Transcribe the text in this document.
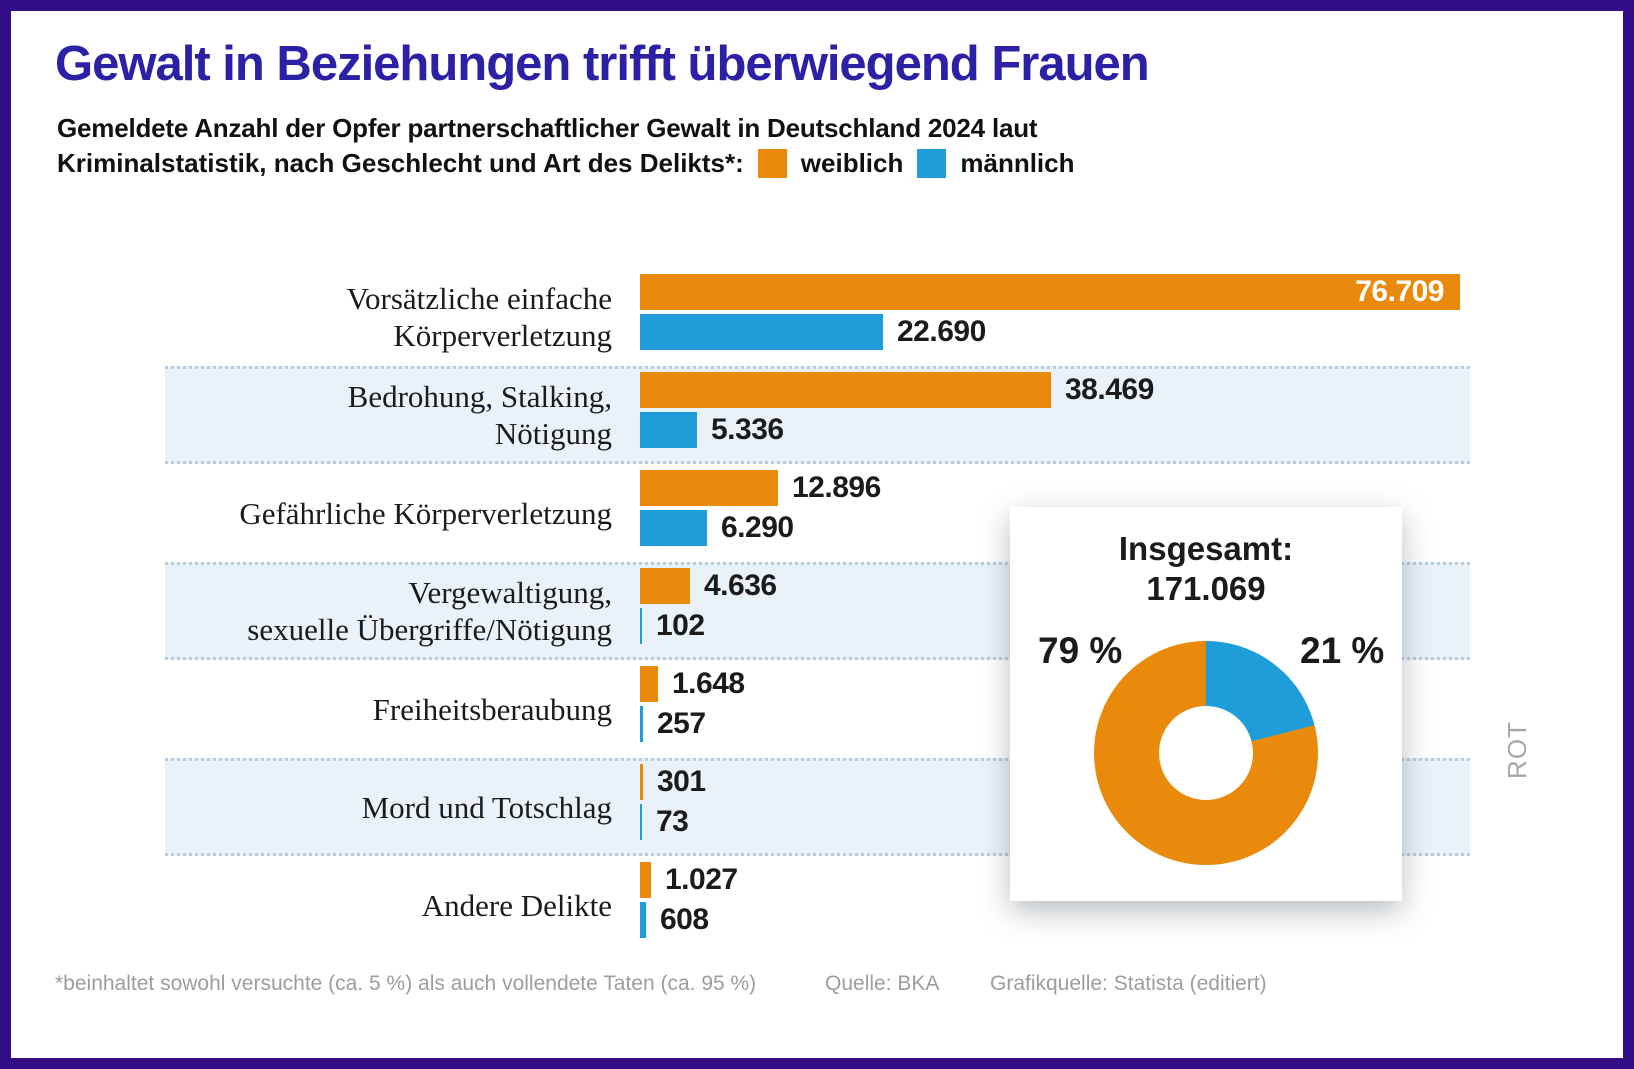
Gewalt in Beziehungen trifft überwiegend Frauen
Gemeldete Anzahl der Opfer partnerschaftlicher Gewalt in Deutschland 2024 laut
Kriminalstatistik, nach Geschlecht und Art des Delikts*: weiblich männlich
Vorsätzliche einfache
Körperverletzung
76.709
22.690
Bedrohung, Stalking,
Nötigung
38.469
5.336
Gefährliche Körperverletzung
12.896
6.290
Vergewaltigung,
sexuelle Übergriffe/Nötigung
4.636
102
Freiheitsberaubung
1.648
257
Mord und Totschlag
301
73
Andere Delikte
1.027
608
Insgesamt:
171.069
79 %	21 %
ROT
*beinhaltet sowohl versuchte (ca. 5 %) als auch vollendete Taten (ca. 95 %)	Quelle: BKA Grafikquelle: Statista (editiert)
